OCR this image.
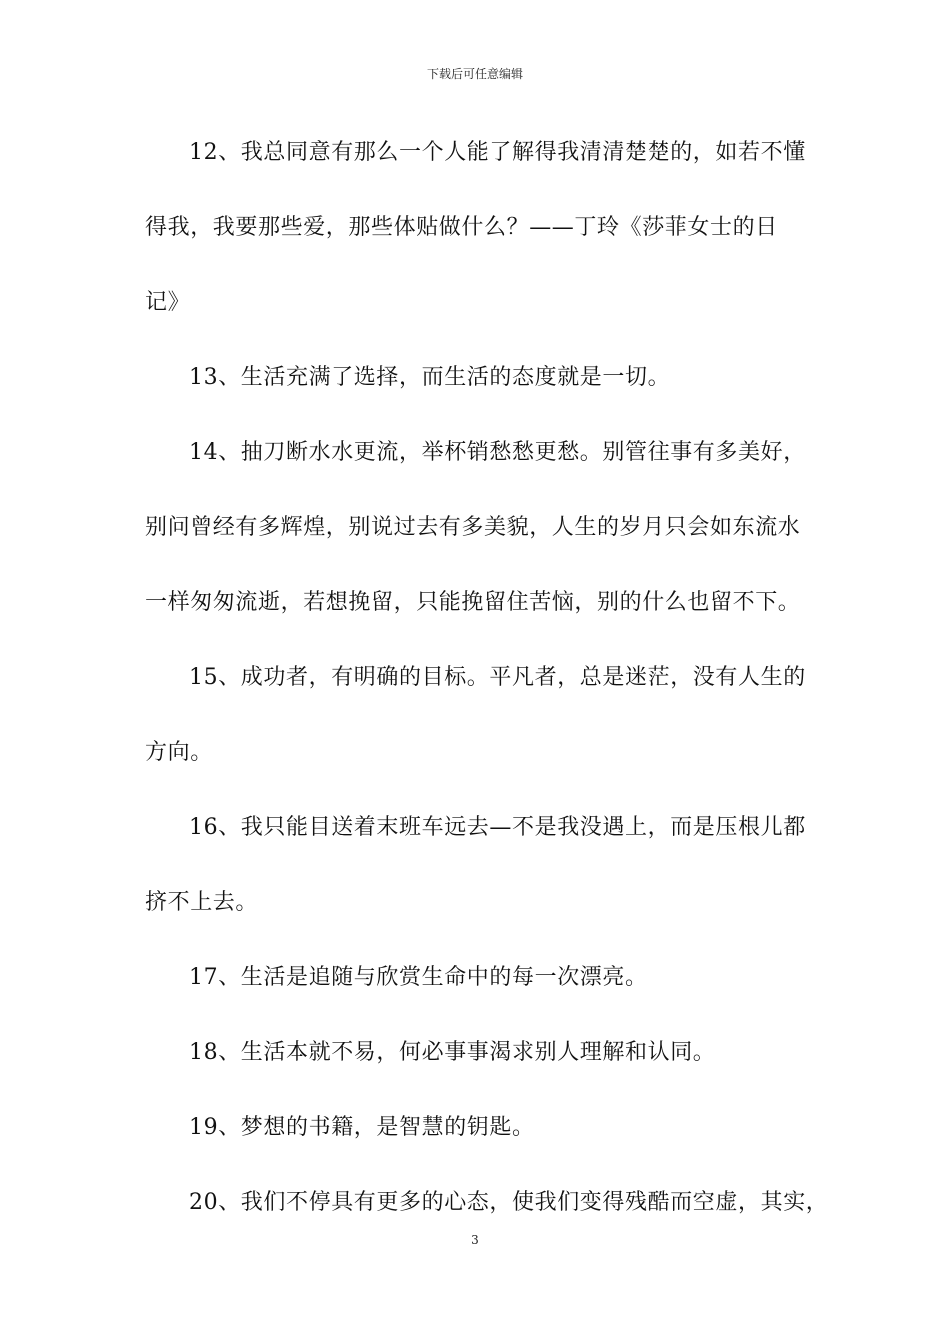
下载后可任意编辑
12、我总同意有那么一个人能了解得我清清楚楚的，如若不懂
得我，我要那些爱，那些体贴做什么？——丁玲《莎菲女士的日
记》
13、生活充满了选择，而生活的态度就是一切。
14、抽刀断水水更流，举杯销愁愁更愁。别管往事有多美好，
别问曾经有多辉煌，别说过去有多美貌，人生的岁月只会如东流水
一样匆匆流逝，若想挽留，只能挽留住苦恼，别的什么也留不下。
15、成功者，有明确的目标。平凡者，总是迷茫，没有人生的
方向。
16、我只能目送着末班车远去—不是我没遇上，而是压根儿都
挤不上去。
17、生活是追随与欣赏生命中的每一次漂亮。
18、生活本就不易，何必事事渴求别人理解和认同。
19、梦想的书籍，是智慧的钥匙。
20、我们不停具有更多的心态，使我们变得残酷而空虚，其实，
3
